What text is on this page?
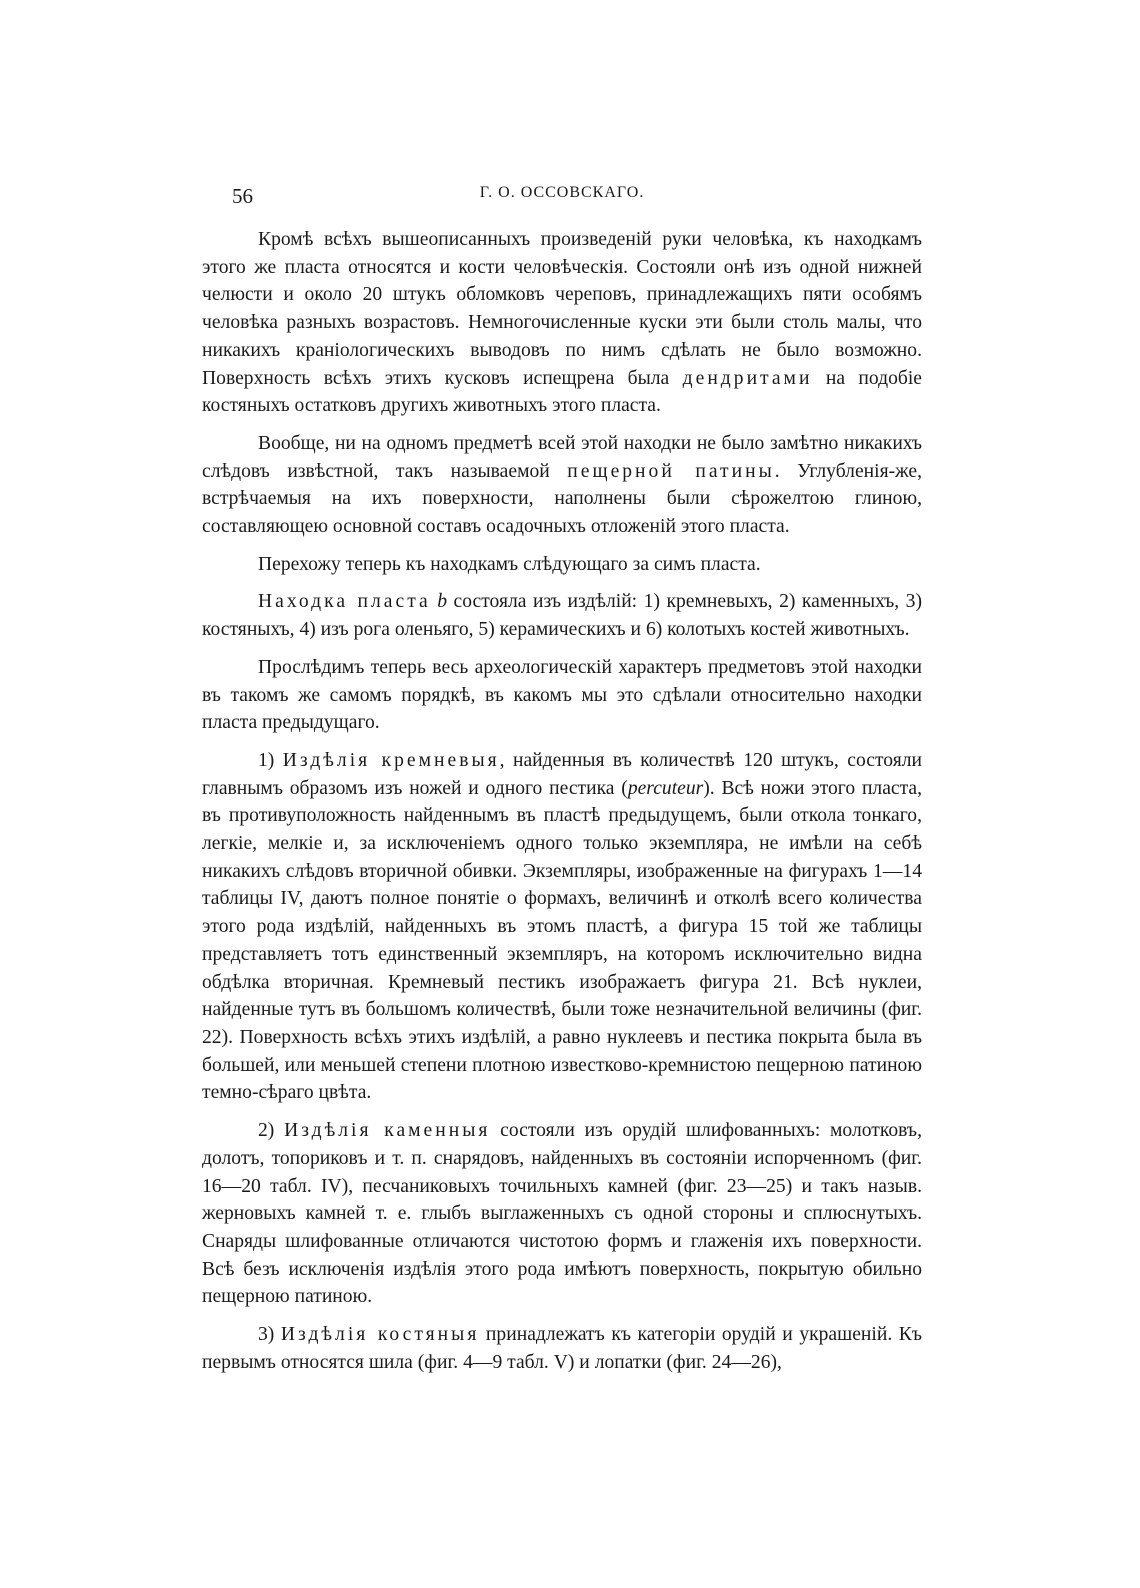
56	Г. О. ОССОВСКАГО.

Кромѣ всѣхъ вышеописанныхъ произведеній руки человѣка, къ находкамъ этого же пласта относятся и кости человѣческія. Состояли онѣ изъ одной нижней челюсти и около 20 штукъ обломковъ череповъ, принадлежащихъ пяти особямъ человѣка разныхъ возрастовъ. Немногочисленные куски эти были столь малы, что никакихъ краніологическихъ выводовъ по нимъ сдѣлать не было возможно. Поверхность всѣхъ этихъ кусковъ испещрена была дендритами на подобіе костяныхъ остатковъ другихъ животныхъ этого пласта.

Вообще, ни на одномъ предметѣ всей этой находки не было замѣтно никакихъ слѣдовъ извѣстной, такъ называемой пещерной патины. Углубленія-же, встрѣчаемыя на ихъ поверхности, наполнены были сѣрожелтою глиною, составляющею основной составъ осадочныхъ отложеній этого пласта.

Перехожу теперь къ находкамъ слѣдующаго за симъ пласта.

Находка пласта b состояла изъ издѣлій: 1) кремневыхъ, 2) каменныхъ, 3) костяныхъ, 4) изъ рога оленьяго, 5) керамическихъ и 6) колотыхъ костей животныхъ.

Прослѣдимъ теперь весь археологическій характеръ предметовъ этой находки въ такомъ же самомъ порядкѣ, въ какомъ мы это сдѣлали относительно находки пласта предыдущаго.

1) Издѣлія кремневыя, найденныя въ количествѣ 120 штукъ, состояли главнымъ образомъ изъ ножей и одного пестика (percuteur). Всѣ ножи этого пласта, въ противуположность найденнымъ въ пластѣ предыдущемъ, были откола тонкаго, легкіе, мелкіе и, за исключеніемъ одного только экземпляра, не имѣли на себѣ никакихъ слѣдовъ вторичной обивки. Экземпляры, изображенные на фигурахъ 1—14 таблицы IV, даютъ полное понятіе о формахъ, величинѣ и отколѣ всего количества этого рода издѣлій, найденныхъ въ этомъ пластѣ, а фигура 15 той же таблицы представляетъ тотъ единственный экземпляръ, на которомъ исключительно видна обдѣлка вторичная. Кремневый пестикъ изображаетъ фигура 21. Всѣ нуклеи, найденные тутъ въ большомъ количествѣ, были тоже незначительной величины (фиг. 22). Поверхность всѣхъ этихъ издѣлій, а равно нуклеевъ и пестика покрыта была въ большей, или меньшей степени плотною известково-кремнистою пещерною патиною темно-сѣраго цвѣта.

2) Издѣлія каменныя состояли изъ орудій шлифованныхъ: молотковъ, долотъ, топориковъ и т. п. снарядовъ, найденныхъ въ состояніи испорченномъ (фиг. 16—20 табл. IV), песчаниковыхъ точильныхъ камней (фиг. 23—25) и такъ назыв. жерновыхъ камней т. е. глыбъ выглаженныхъ съ одной стороны и сплюснутыхъ. Снаряды шлифованные отличаются чистотою формъ и глаженія ихъ поверхности. Всѣ безъ исключенія издѣлія этого рода имѣютъ поверхность, покрытую обильно пещерною патиною.

3) Издѣлія костяныя принадлежатъ къ категоріи орудій и украшеній. Къ первымъ относятся шила (фиг. 4—9 табл. V) и лопатки (фиг. 24—26),
